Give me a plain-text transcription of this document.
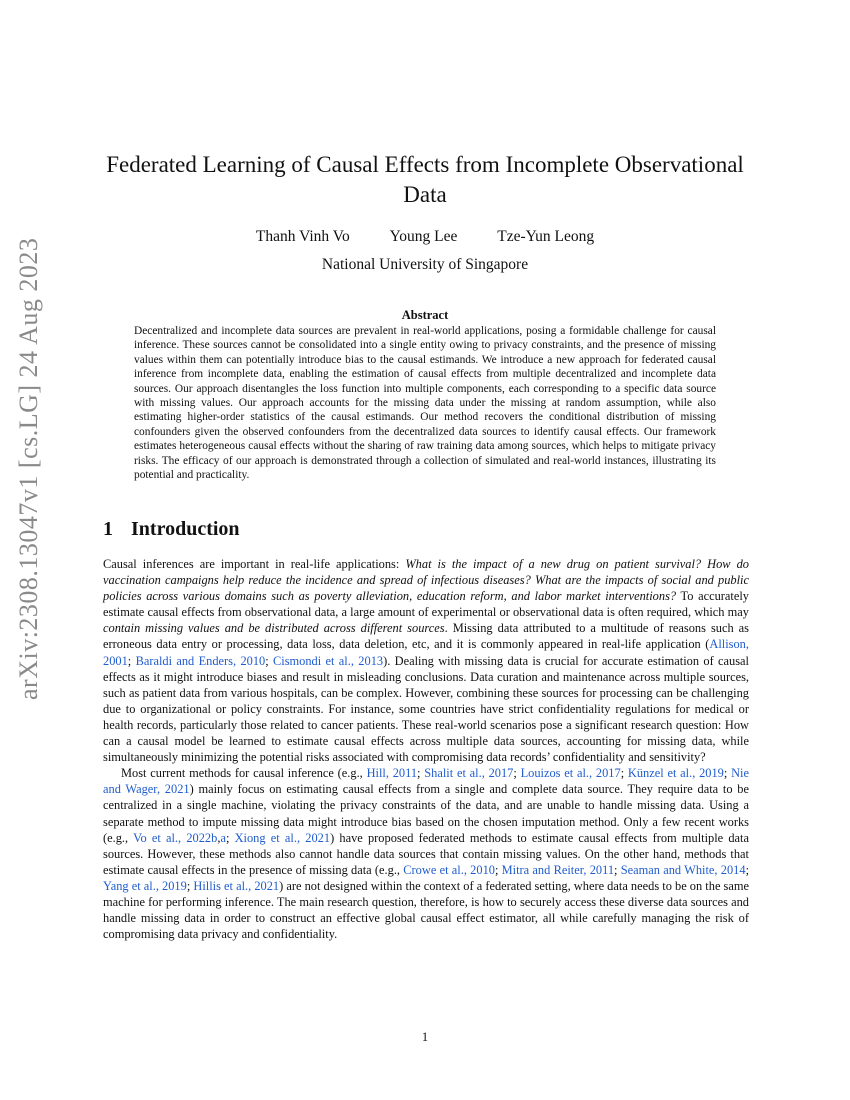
arXiv:2308.13047v1 [cs.LG] 24 Aug 2023
Federated Learning of Causal Effects from Incomplete Observational Data
Thanh Vinh Vo	Young Lee	Tze-Yun Leong
National University of Singapore
Abstract
Decentralized and incomplete data sources are prevalent in real-world applications, posing a formidable challenge for causal inference. These sources cannot be consolidated into a single entity owing to privacy constraints, and the presence of missing values within them can potentially introduce bias to the causal estimands. We introduce a new approach for federated causal inference from incomplete data, enabling the estimation of causal effects from multiple decentralized and incomplete data sources. Our approach disentangles the loss function into multiple components, each corresponding to a specific data source with missing values. Our approach accounts for the missing data under the missing at random assumption, while also estimating higher-order statistics of the causal estimands. Our method recovers the conditional distribution of missing confounders given the observed confounders from the decentralized data sources to identify causal effects. Our framework estimates heterogeneous causal effects without the sharing of raw training data among sources, which helps to mitigate privacy risks. The efficacy of our approach is demonstrated through a collection of simulated and real-world instances, illustrating its potential and practicality.
1 Introduction

Causal inferences are important in real-life applications: What is the impact of a new drug on patient survival? How do vaccination campaigns help reduce the incidence and spread of infectious diseases? What are the impacts of social and public policies across various domains such as poverty alleviation, education reform, and labor market interventions? To accurately estimate causal effects from observational data, a large amount of experimental or observational data is often required, which may contain missing values and be distributed across different sources. Missing data attributed to a multitude of reasons such as erroneous data entry or processing, data loss, data deletion, etc, and it is commonly appeared in real-life application (Allison, 2001; Baraldi and Enders, 2010; Cismondi et al., 2013). Dealing with missing data is crucial for accurate estimation of causal effects as it might introduce biases and result in misleading conclusions. Data curation and maintenance across multiple sources, such as patient data from various hospitals, can be complex. However, combining these sources for processing can be challenging due to organizational or policy constraints. For instance, some countries have strict confidentiality regulations for medical or health records, particularly those related to cancer patients. These real-world scenarios pose a significant research question: How can a causal model be learned to estimate causal effects across multiple data sources, accounting for missing data, while simultaneously minimizing the potential risks associated with compromising data records’ confidentiality and sensitivity?

Most current methods for causal inference (e.g., Hill, 2011; Shalit et al., 2017; Louizos et al., 2017; Künzel et al., 2019; Nie and Wager, 2021) mainly focus on estimating causal effects from a single and complete data source. They require data to be centralized in a single machine, violating the privacy constraints of the data, and are unable to handle missing data. Using a separate method to impute missing data might introduce bias based on the chosen imputation method. Only a few recent works (e.g., Vo et al., 2022b,a; Xiong et al., 2021) have proposed federated methods to estimate causal effects from multiple data sources. However, these methods also cannot handle data sources that contain missing values. On the other hand, methods that estimate causal effects in the presence of missing data (e.g., Crowe et al., 2010; Mitra and Reiter, 2011; Seaman and White, 2014; Yang et al., 2019; Hillis et al., 2021) are not designed within the context of a federated setting, where data needs to be on the same machine for performing inference. The main research question, therefore, is how to securely access these diverse data sources and handle missing data in order to construct an effective global causal effect estimator, all while carefully managing the risk of compromising data privacy and confidentiality.

1
